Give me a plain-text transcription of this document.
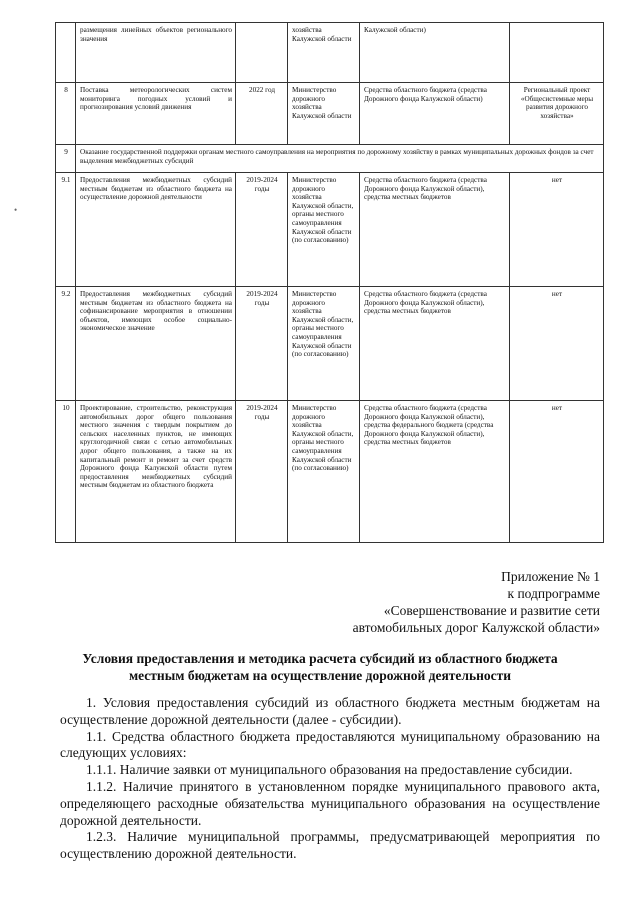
•
	размещения линейных объектов регионального значения		хозяйства Калужской области	Калужской области)	
8	Поставка метеорологических систем мониторинга погодных условий и прогнозирования условий движения	2022 год	Министерство дорожного хозяйства Калужской области	Средства областного бюджета (средства Дорожного фонда Калужской области)	Региональный проект «Общесистемные меры развития дорожного хозяйства»
9	Оказание государственной поддержки органам местного самоуправления на мероприятия по дорожному хозяйству в рамках муниципальных дорожных фондов за счет выделения межбюджетных субсидий				
9.1	Предоставления межбюджетных субсидий местным бюджетам из областного бюджета на осуществление дорожной деятельности	2019-2024 годы	Министерство дорожного хозяйства Калужской области, органы местного самоуправления Калужской области (по согласованию)	Средства областного бюджета (средства Дорожного фонда Калужской области), средства местных бюджетов	нет
9.2	Предоставления межбюджетных субсидий местным бюджетам из областного бюджета на софинансирование мероприятия в отношении объектов, имеющих особое социально-экономическое значение	2019-2024 годы	Министерство дорожного хозяйства Калужской области, органы местного самоуправления Калужской области (по согласованию)	Средства областного бюджета (средства Дорожного фонда Калужской области), средства местных бюджетов	нет
10	Проектирование, строительство, реконструкция автомобильных дорог общего пользования местного значения с твердым покрытием до сельских населенных пунктов, не имеющих круглогодичной связи с сетью автомобильных дорог общего пользования, а также на их капитальный ремонт и ремонт за счет средств Дорожного фонда Калужской области путем предоставления межбюджетных субсидий местным бюджетам из областного бюджета	2019-2024 годы	Министерство дорожного хозяйства Калужской области, органы местного самоуправления Калужской области (по согласованию)	Средства областного бюджета (средства Дорожного фонда Калужской области), средства федерального бюджета (средства Дорожного фонда Калужской области), средства местных бюджетов	нет
Приложение № 1
к подпрограмме
«Совершенствование и развитие сети
автомобильных дорог Калужской области»
Условия предоставления и методика расчета субсидий из областного бюджета
местным бюджетам на осуществление дорожной деятельности

1. Условия предоставления субсидий из областного бюджета местным бюджетам на осуществление дорожной деятельности (далее - субсидии).

1.1. Средства областного бюджета предоставляются муниципальному образованию на следующих условиях:

1.1.1. Наличие заявки от муниципального образования на предоставление субсидии.

1.1.2. Наличие принятого в установленном порядке муниципального правового акта, определяющего расходные обязательства муниципального образования на осуществление дорожной деятельности.

1.2.3. Наличие муниципальной программы, предусматривающей мероприятия по осуществлению дорожной деятельности.
